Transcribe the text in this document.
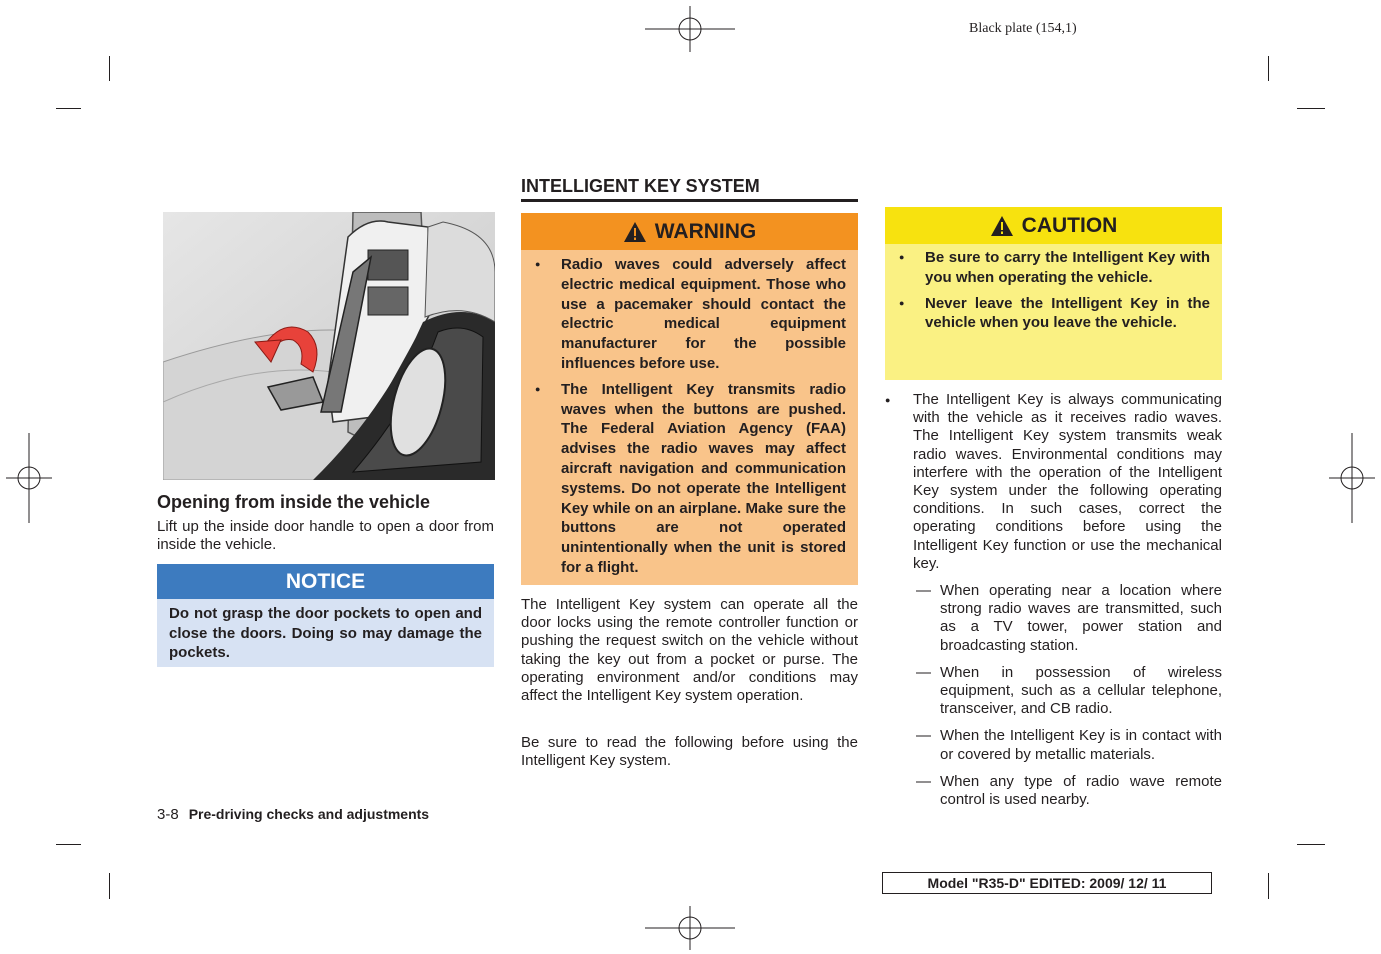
Black plate (154,1)
Opening from inside the vehicle
Lift up the inside door handle to open a door from inside the vehicle.
NOTICE
Do not grasp the door pockets to open and close the doors. Doing so may damage the pockets.
3-8 Pre-driving checks and adjustments
INTELLIGENT KEY SYSTEM
WARNING
● Radio waves could adversely affect electric medical equipment. Those who use a pacemaker should contact the electric medical equipment manufacturer for the possible influences before use.
● The Intelligent Key transmits radio waves when the buttons are pushed. The Federal Aviation Agency (FAA) advises the radio waves may affect aircraft navigation and communication systems. Do not operate the Intelligent Key while on an airplane. Make sure the buttons are not operated unintentionally when the unit is stored for a flight.
The Intelligent Key system can operate all the door locks using the remote controller function or pushing the request switch on the vehicle without taking the key out from a pocket or purse. The operating environment and/or conditions may affect the Intelligent Key system operation.
Be sure to read the following before using the Intelligent Key system.
CAUTION
● Be sure to carry the Intelligent Key with you when operating the vehicle.
● Never leave the Intelligent Key in the vehicle when you leave the vehicle.
● The Intelligent Key is always communicating with the vehicle as it receives radio waves. The Intelligent Key system transmits weak radio waves. Environmental conditions may interfere with the operation of the Intelligent Key system under the following operating conditions. In such cases, correct the operating conditions before using the Intelligent Key function or use the mechanical key.
— When operating near a location where strong radio waves are transmitted, such as a TV tower, power station and broadcasting station.
— When in possession of wireless equipment, such as a cellular telephone, transceiver, and CB radio.
— When the Intelligent Key is in contact with or covered by metallic materials.
— When any type of radio wave remote control is used nearby.
Model "R35-D" EDITED: 2009/ 12/ 11
